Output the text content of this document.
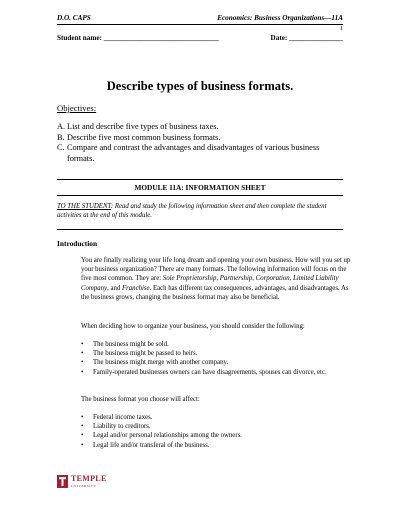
D.O. CAPS	Economics: Business Organizations—11A
1
Student name: ________________________________	Date: _______________
Describe types of business formats.
Objectives:
A. List and describe five types of business taxes.
B. Describe five most common business formats.
C. Compare and contrast the advantages and disadvantages of various business formats.
MODULE 11A: INFORMATION SHEET
TO THE STUDENT: Read and study the following information sheet and then complete the student activities at the end of this module.
Introduction
You are finally realizing your life long dream and opening your own business. How will you set up your business organization? There are many formats. The following information will focus on the five most common. They are: Sole Proprietorship, Partnership, Corporation, Limited Liability Company, and Franchise. Each has different tax consequences, advantages, and disadvantages. As the business grows, changing the business format may also be beneficial.
When deciding how to organize your business, you should consider the following:
•	The business might be sold.
•	The business might be passed to heirs.
•	The business might merge with another company.
•	Family-operated businesses owners can have disagreements, spouses can divorce, etc.
The business format you choose will affect:
•	Federal income taxes.
•	Liability to creditors.
•	Legal and/or personal relationships among the owners.
•	Legal life and/or transferal of the business.
TEMPLE
UNIVERSITY
